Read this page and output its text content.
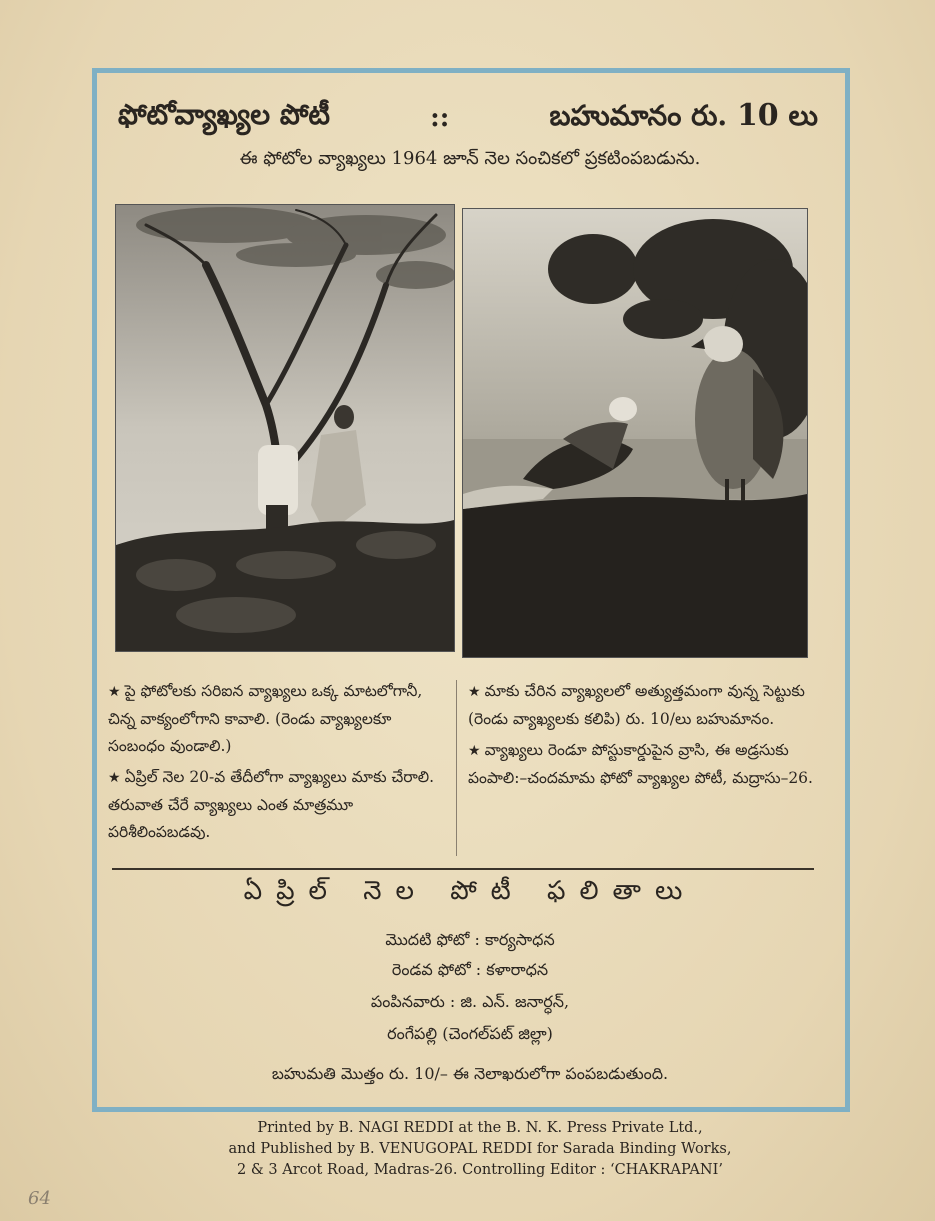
ఫోటోవ్యాఖ్యల పోటీ	::	బహుమానం రు. 10 లు
ఈ ఫోటోల వ్యాఖ్యలు 1964 జూన్ నెల సంచికలో ప్రకటింపబడును.
★ పై ఫోటోలకు సరిఐన వ్యాఖ్యలు ఒక్క మాటలోగానీ, చిన్న వాక్యంలోగాని కావాలి. (రెండు వ్యాఖ్యలకూ సంబంధం వుండాలి.)
★ ఏప్రిల్ నెల 20-వ తేదీలోగా వ్యాఖ్యలు మాకు చేరాలి. తరువాత చేరే వ్యాఖ్యలు ఎంత మాత్రమూ పరిశీలింపబడవు.
★ మాకు చేరిన వ్యాఖ్యలలో అత్యుత్తమంగా వున్న సెట్టుకు (రెండు వ్యాఖ్యలకు కలిపి) రు. 10/లు బహుమానం.
★ వ్యాఖ్యలు రెండూ పోస్టుకార్డుపైన వ్రాసి, ఈ అడ్రసుకు పంపాలి:–చందమామ ఫోటో వ్యాఖ్యల పోటీ, మద్రాసు–26.
ఏప్రిల్ నెల పోటీ ఫలితాలు
మొదటి ఫోటో : కార్యసాధన
రెండవ ఫోటో : కళారాధన
పంపినవారు : జి. ఎన్. జనార్ధన్,
రంగేపల్లి (చెంగల్‌పట్ జిల్లా)
బహుమతి మొత్తం రు. 10/– ఈ నెలాఖరులోగా పంపబడుతుంది.
Printed by B. NAGI REDDI at the B. N. K. Press Private Ltd.,
and Published by B. VENUGOPAL REDDI for Sarada Binding Works,
2 & 3 Arcot Road, Madras-26. Controlling Editor : ‘CHAKRAPANI’
64
